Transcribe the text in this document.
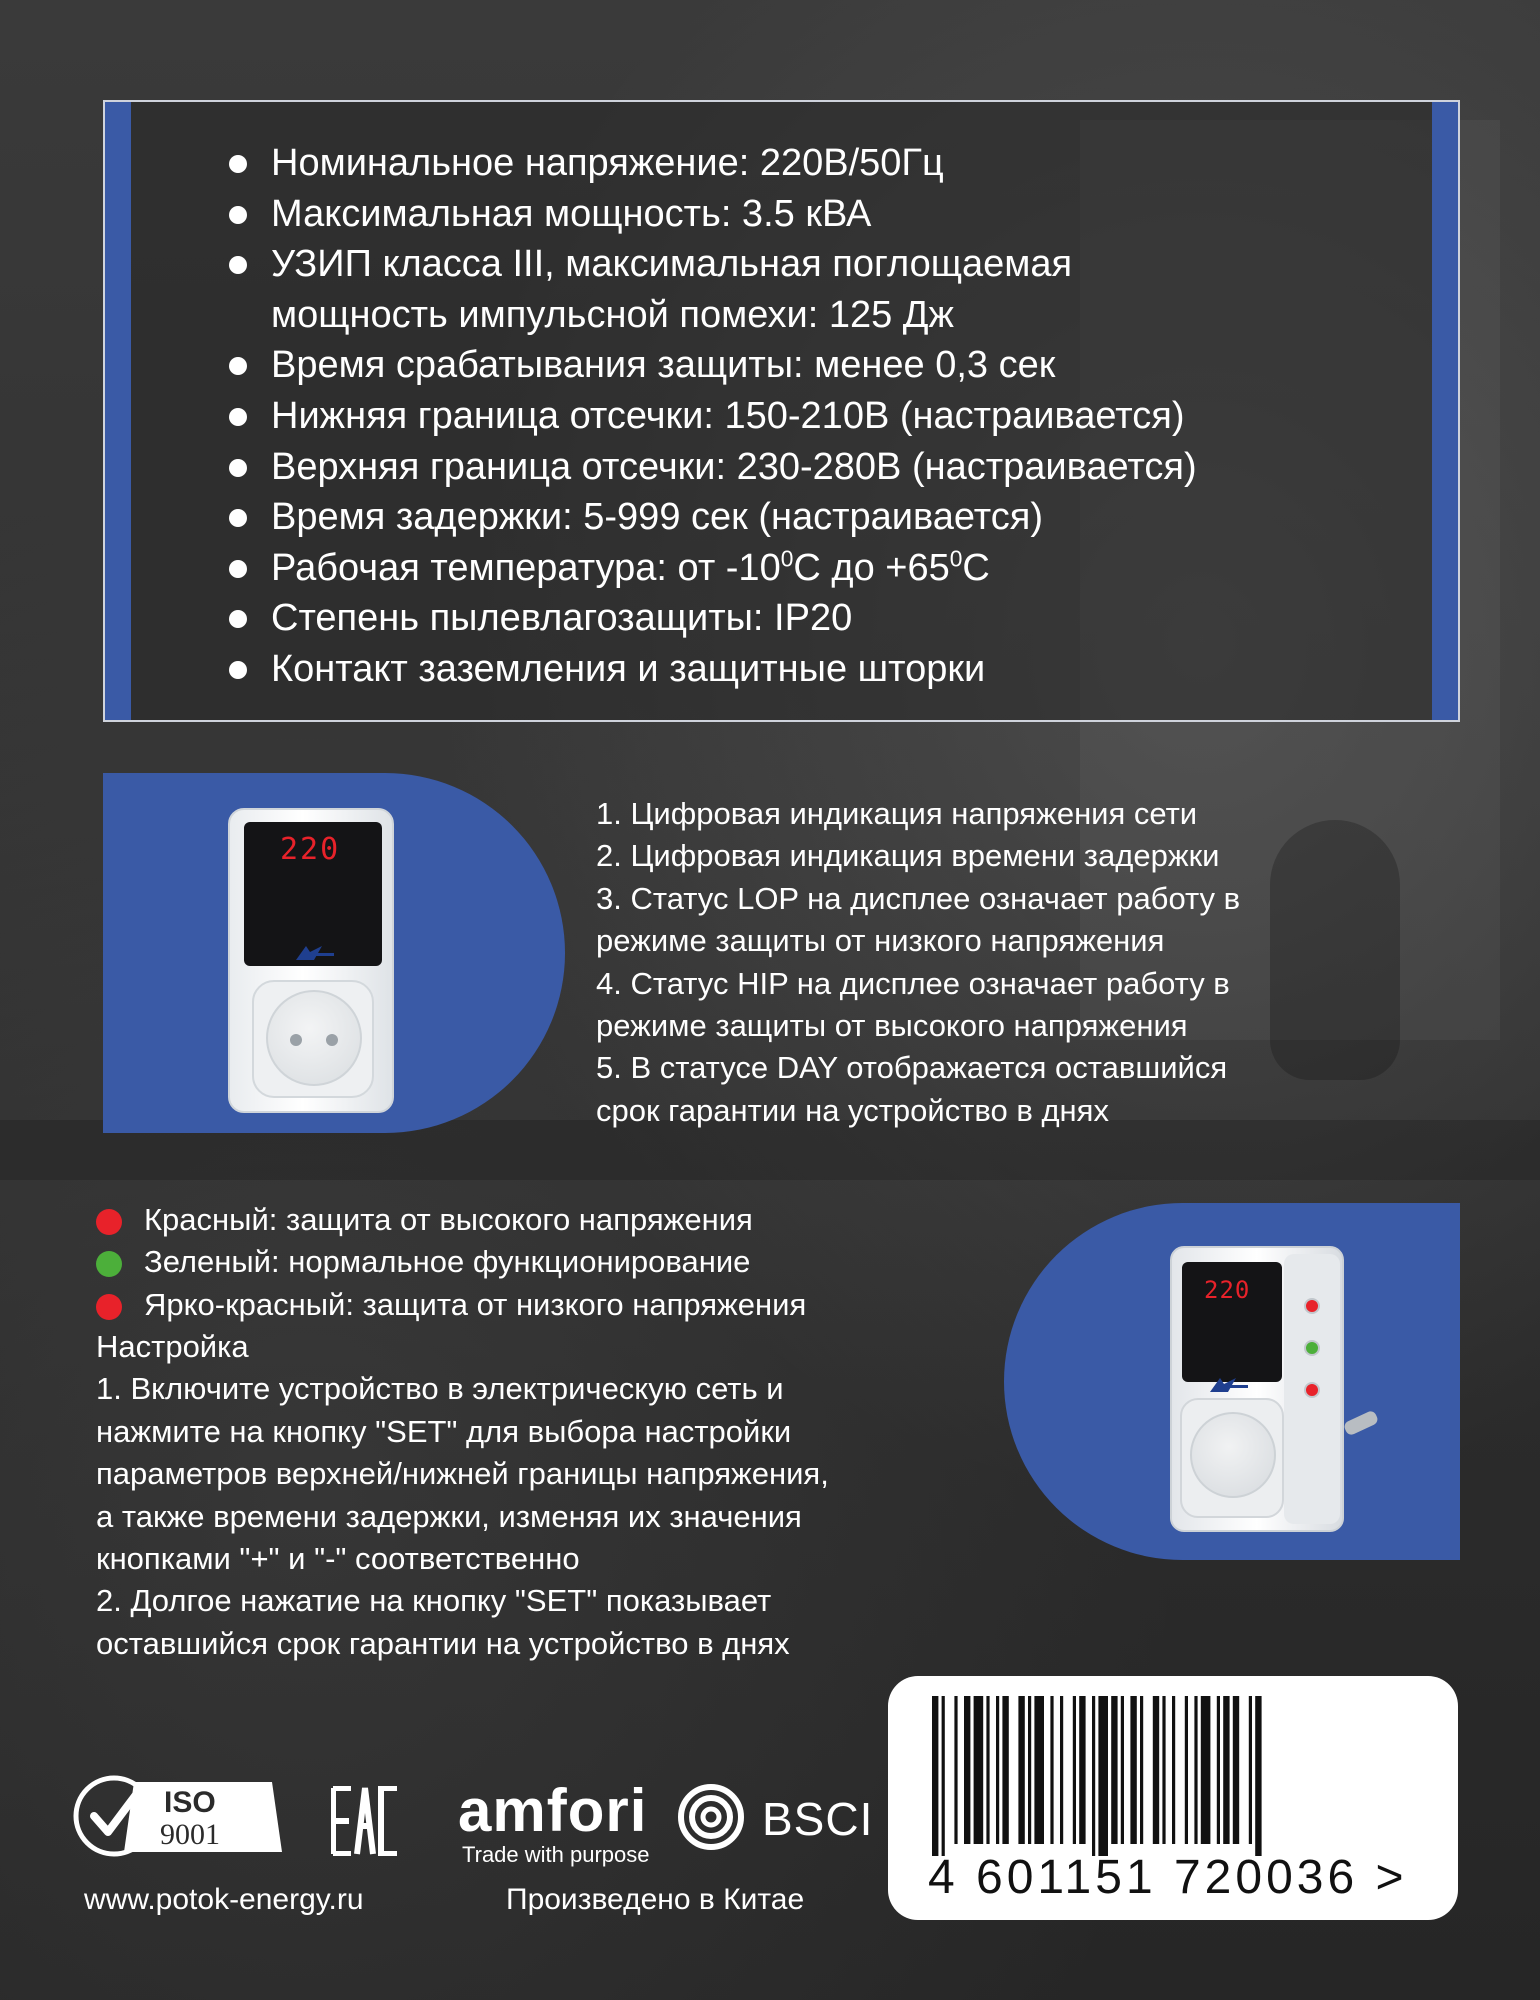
Номинальное напряжение: 220В/50Гц
Максимальная мощность: 3.5 кВА
УЗИП класса III, максимальная поглощаемая
мощность импульсной помехи: 125 Дж
Время срабатывания защиты: менее 0,3 сек
Нижняя граница отсечки: 150-210В (настраивается)
Верхняя граница отсечки: 230-280В (настраивается)
Время задержки: 5-999 сек (настраивается)
Рабочая температура: от $-10^0С$ до $+65^0С$
Степень пылевлагозащиты: IP20
Контакт заземления и защитные шторки
220
1. Цифровая индикация напряжения сети
2. Цифровая индикация времени задержки
3. Статус LOP на дисплее означает работу в
режиме защиты от низкого напряжения
4. Статус HIP на дисплее означает работу в
режиме защиты от высокого напряжения
5. В статусе DAY отображается оставшийся
срок гарантии на устройство в днях
Красный: защита от высокого напряжения
Зеленый: нормальное функционирование
Ярко-красный: защита от низкого напряжения

Настройка

1. Включите устройство в электрическую сеть и

нажмите на кнопку "SET" для выбора настройки

параметров верхней/нижней границы напряжения,

а также времени задержки, изменяя их значения

кнопками "+" и "-" соответственно

2. Долгое нажатие на кнопку "SET" показывает

оставшийся срок гарантии на устройство в днях

220
4 601151 720036 >
ISO
9001	amfori
Trade with purpose
BSCI
www.potok-energy.ru	Произведено в Китае
